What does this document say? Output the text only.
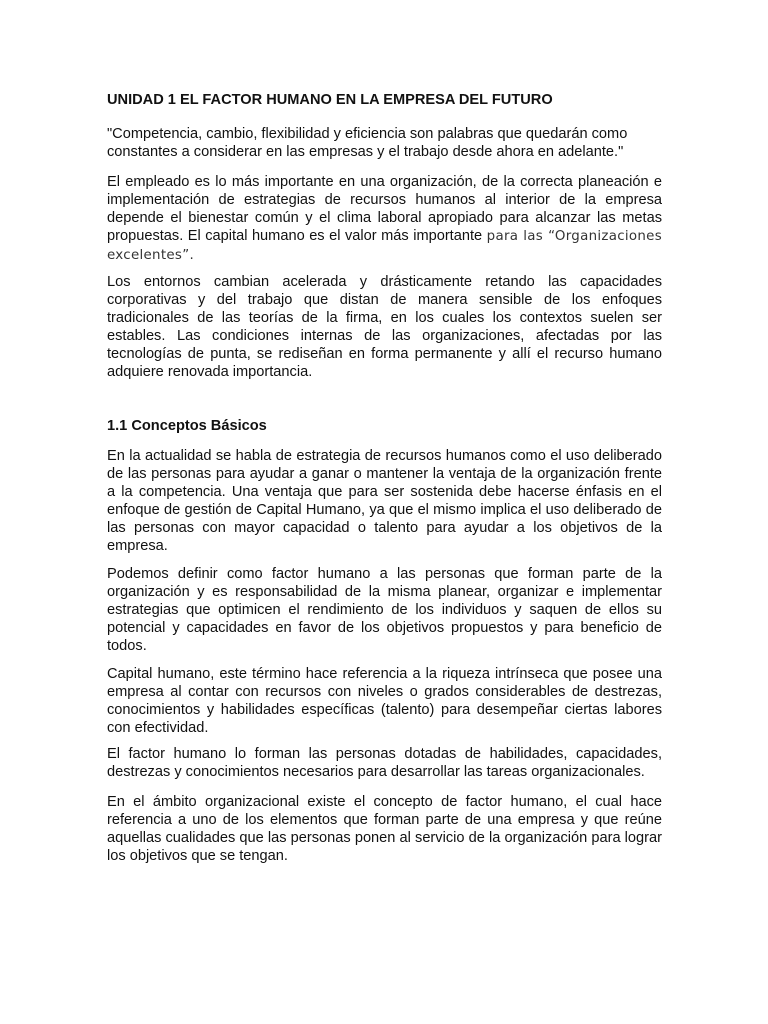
UNIDAD 1 EL FACTOR HUMANO EN LA EMPRESA DEL FUTURO

"Competencia, cambio, flexibilidad y eficiencia son palabras que quedarán como constantes a considerar en las empresas y el trabajo desde ahora en adelante."

El empleado es lo más importante en una organización, de la correcta planeación e implementación de estrategias de recursos humanos al interior de la empresa depende el bienestar común y el clima laboral apropiado para alcanzar las metas propuestas. El capital humano es el valor más importante para las “Organizaciones excelentes”.

Los entornos cambian acelerada y drásticamente retando las capacidades corporativas y del trabajo que distan de manera sensible de los enfoques tradicionales de las teorías de la firma, en los cuales los contextos suelen ser estables. Las condiciones internas de las organizaciones, afectadas por las tecnologías de punta, se rediseñan en forma permanente y allí el recurso humano adquiere renovada importancia.

1.1 Conceptos Básicos

En la actualidad se habla de estrategia de recursos humanos como el uso deliberado de las personas para ayudar a ganar o mantener la ventaja de la organización frente a la competencia. Una ventaja que para ser sostenida debe hacerse énfasis en el enfoque de gestión de Capital Humano, ya que el mismo implica el uso deliberado de las personas con mayor capacidad o talento para ayudar a los objetivos de la empresa.

Podemos definir como factor humano a las personas que forman parte de la organización y es responsabilidad de la misma planear, organizar e implementar estrategias que optimicen el rendimiento de los individuos y saquen de ellos su potencial y capacidades en favor de los objetivos propuestos y para beneficio de todos.

Capital humano, este término hace referencia a la riqueza intrínseca que posee una empresa al contar con recursos con niveles o grados considerables de destrezas, conocimientos y habilidades específicas (talento) para desempeñar ciertas labores con efectividad.

El factor humano lo forman las personas dotadas de habilidades, capacidades, destrezas y conocimientos necesarios para desarrollar las tareas organizacionales.

En el ámbito organizacional existe el concepto de factor humano, el cual hace referencia a uno de los elementos que forman parte de una empresa y que reúne aquellas cualidades que las personas ponen al servicio de la organización para lograr los objetivos que se tengan.
